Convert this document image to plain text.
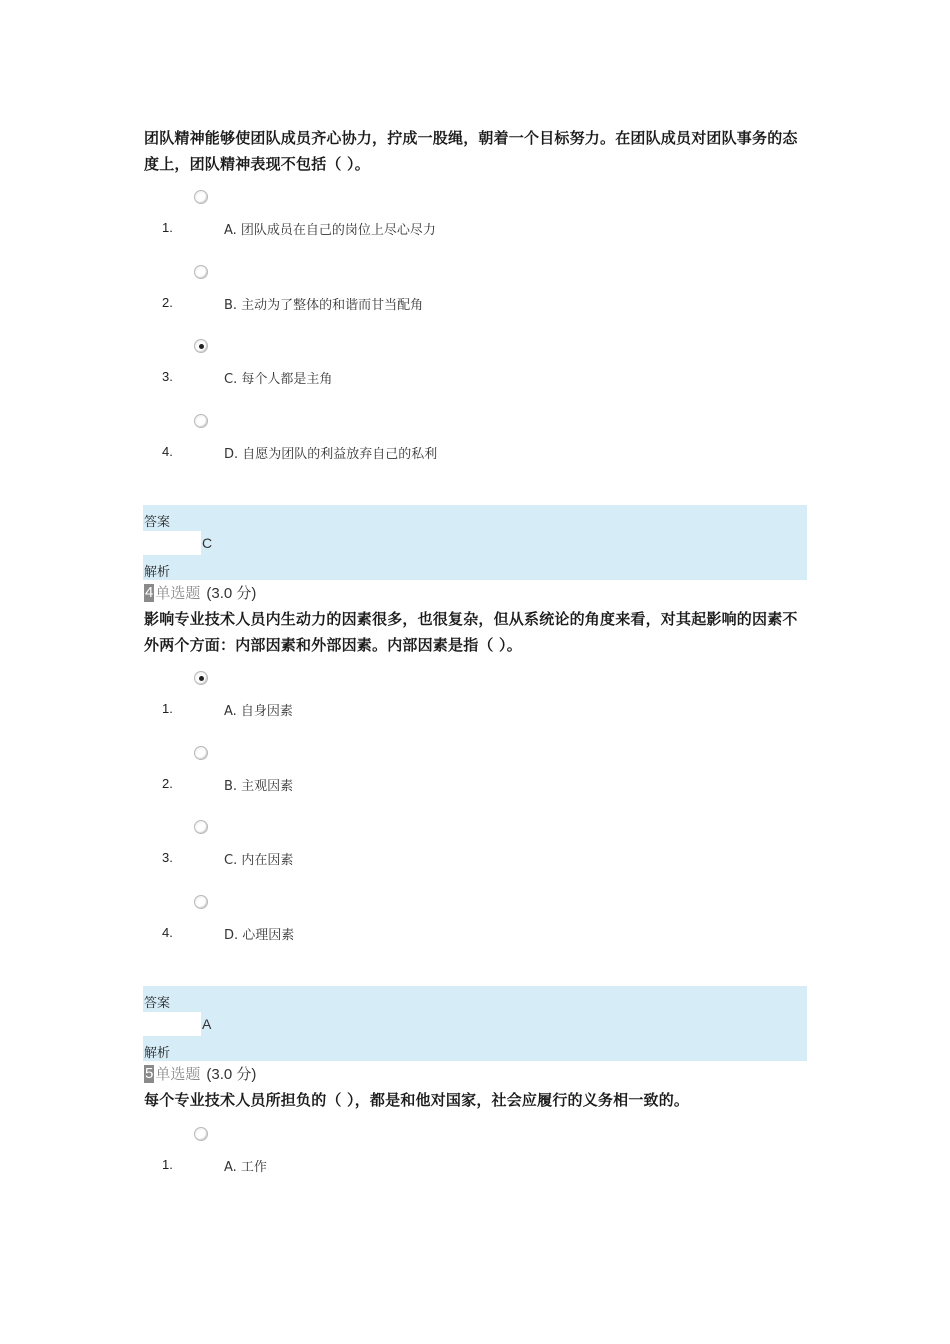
团队精神能够使团队成员齐心协力，拧成一股绳，朝着一个目标努力。在团队成员对团队事务的态度上，团队精神表现不包括（ ）。
1.	A. 团队成员在自己的岗位上尽心尽力
2.	B. 主动为了整体的和谐而甘当配角
3.	C. 每个人都是主角
4.	D. 自愿为团队的利益放弃自己的私利
答案
C
解析
4 单选题 (3.0 分)
影响专业技术人员内生动力的因素很多，也很复杂，但从系统论的角度来看，对其起影响的因素不外两个方面：内部因素和外部因素。内部因素是指（ ）。
1.	A. 自身因素
2.	B. 主观因素
3.	C. 内在因素
4.	D. 心理因素
答案
A
解析
5 单选题 (3.0 分)
每个专业技术人员所担负的（ ），都是和他对国家，社会应履行的义务相一致的。
1.	A. 工作
